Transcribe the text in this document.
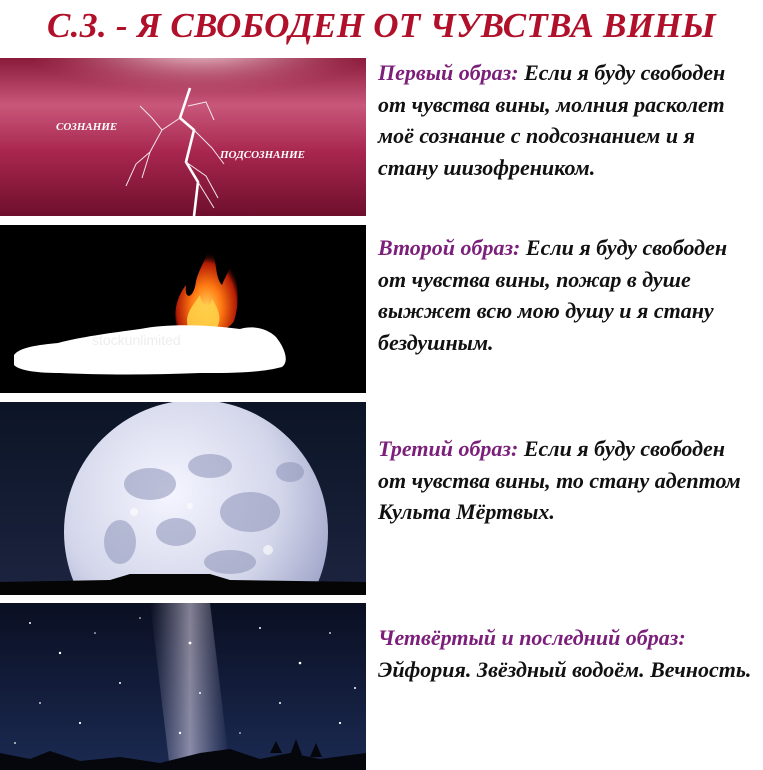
С.З. - Я СВОБОДЕН ОТ ЧУВСТВА ВИНЫ
СОЗНАНИЕ
ПОДСОЗНАНИЕ
stockunlimited
Первый образ: Если я буду свободен от чувства вины, молния расколет моё сознание с подсознанием и я стану шизофреником.
Второй образ: Если я буду свободен от чувства вины, пожар в душе выжжет всю мою душу и я стану бездушным.
Третий образ: Если я буду свободен от чувства вины, то стану адептом Культа Мёртвых.
Четвёртый и последний образ: Эйфория. Звёздный водоём. Вечность.
